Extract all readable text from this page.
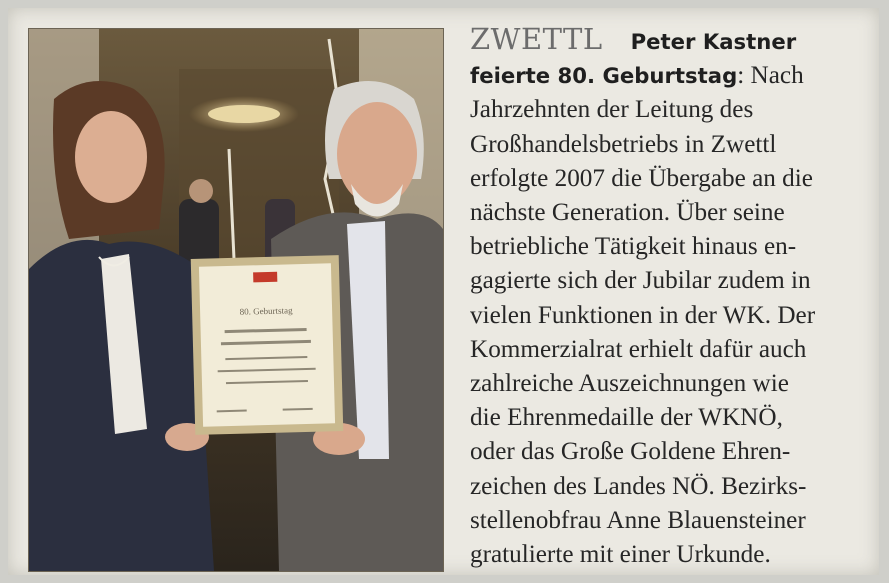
80. Geburtstag
ZWETTL Peter Kastner
feierte 80. Geburtstag: Nach
Jahrzehnten der Leitung des
Großhandelsbetriebs in Zwettl
erfolgte 2007 die Übergabe an die
nächste Generation. Über seine
betriebliche Tätigkeit hinaus en-
gagierte sich der Jubilar zudem in
vielen Funktionen in der WK. Der
Kommerzialrat erhielt dafür auch
zahlreiche Auszeichnungen wie
die Ehrenmedaille der WKNÖ,
oder das Große Goldene Ehren-
zeichen des Landes NÖ. Bezirks-
stellenobfrau Anne Blauensteiner
gratulierte mit einer Urkunde.
